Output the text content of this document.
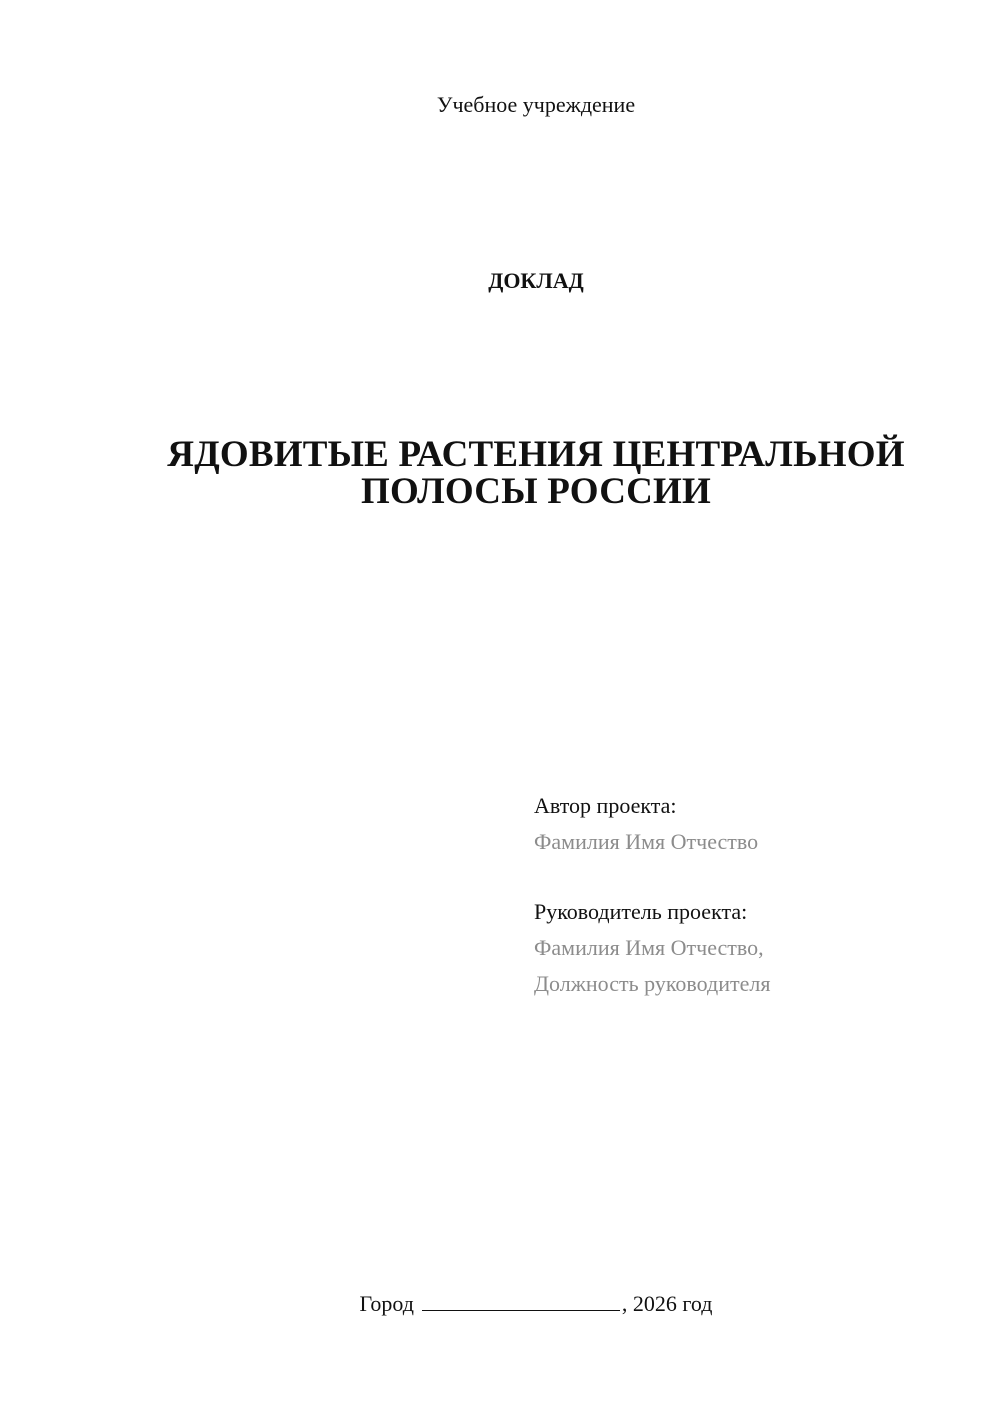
Учебное учреждение
ДОКЛАД
ЯДОВИТЫЕ РАСТЕНИЯ ЦЕНТРАЛЬНОЙ
ПОЛОСЫ РОССИИ
Автор проекта:
Фамилия Имя Отчество
Руководитель проекта:
Фамилия Имя Отчество,
Должность руководителя
Город	, 2026 год
